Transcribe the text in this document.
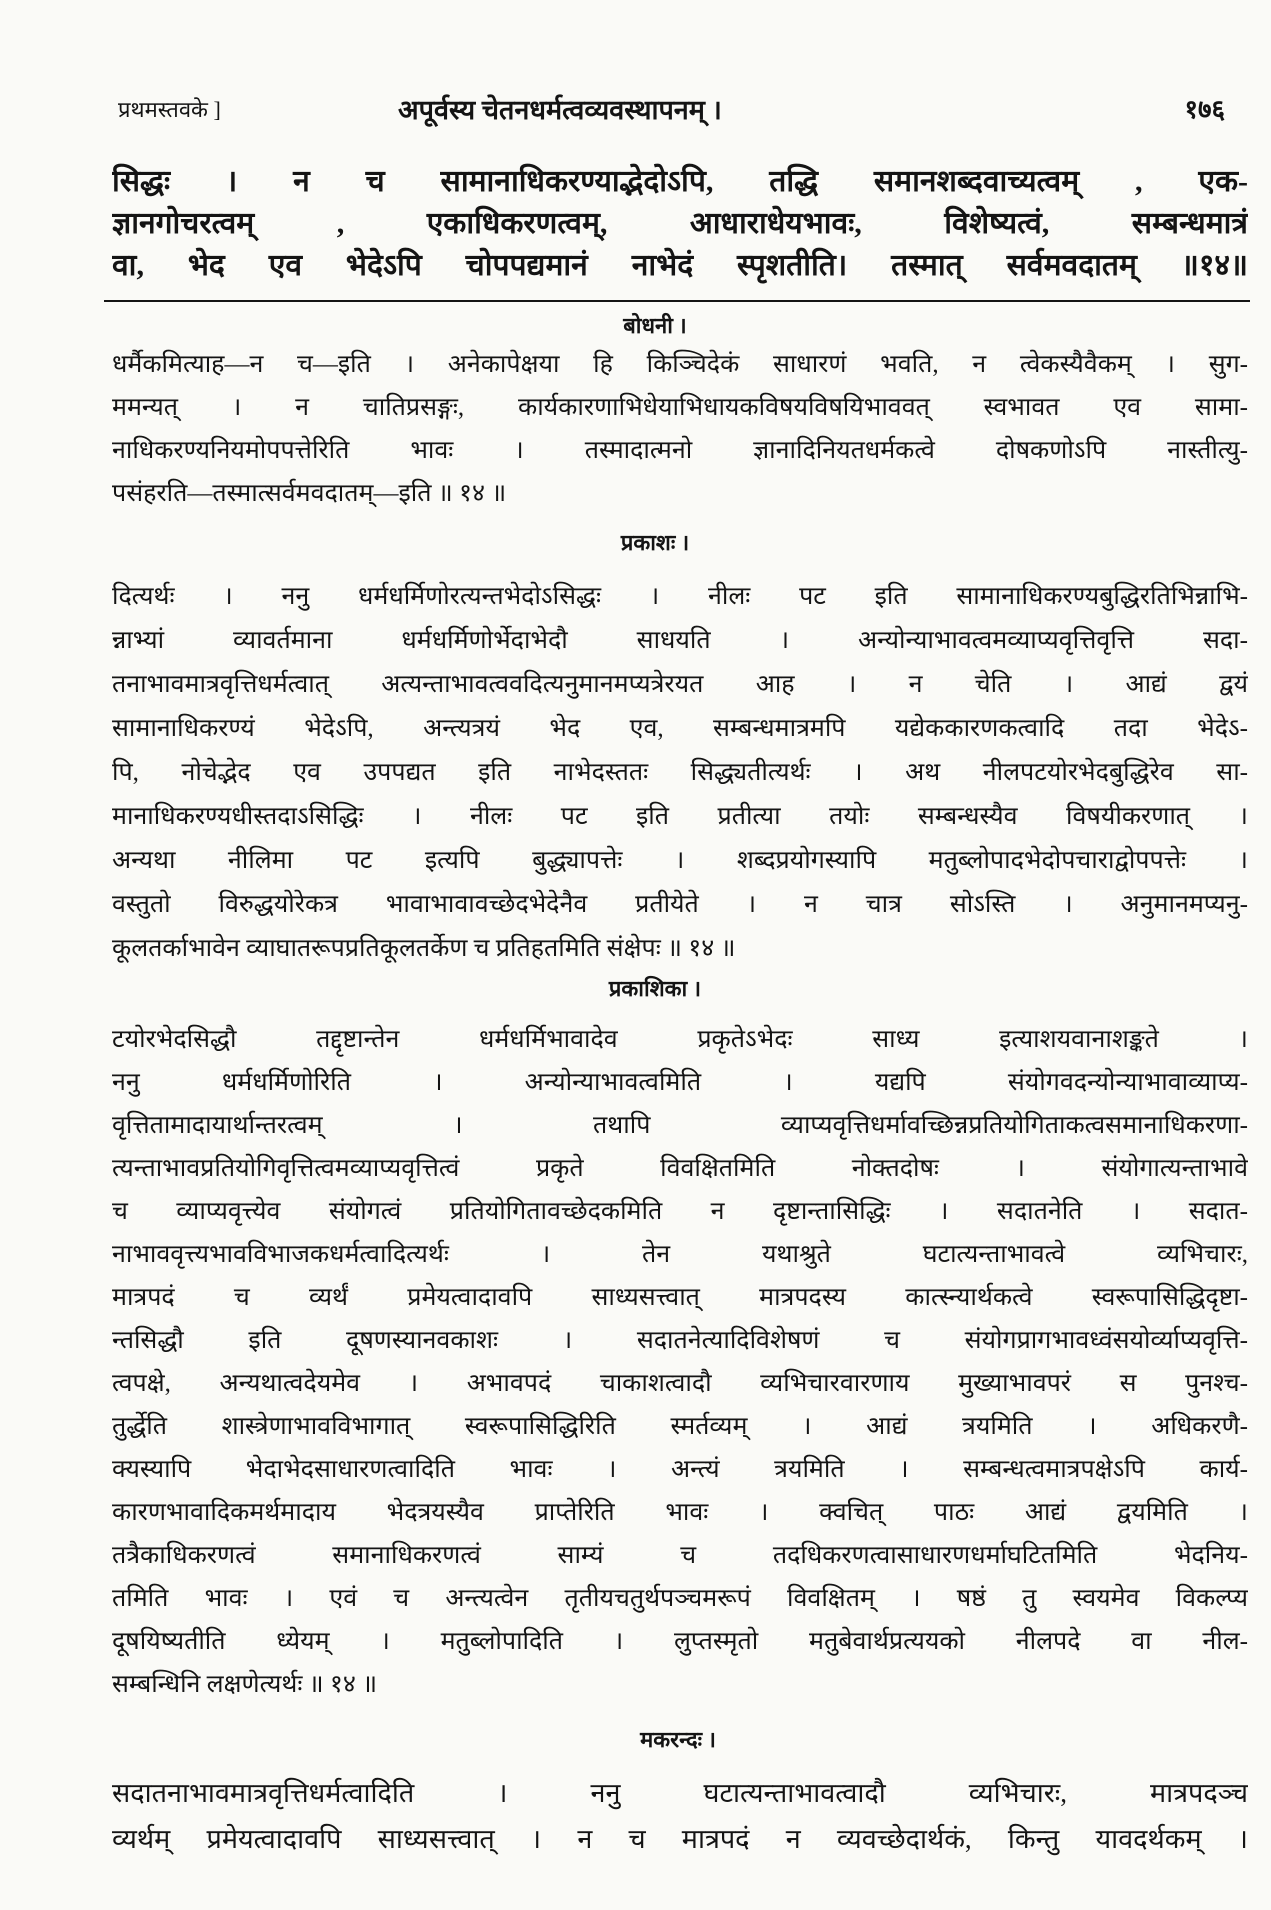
प्रथमस्तवके ]	अपूर्वस्य चेतनधर्मत्वव्यवस्थापनम् ।	१७६
सिद्धः । न च सामानाधिकरण्याद्भेदोऽपि, तद्धि समानशब्दवाच्यत्वम् , एक-
ज्ञानगोचरत्वम् , एकाधिकरणत्वम्, आधाराधेयभावः, विशेष्यत्वं, सम्बन्धमात्रं
वा, भेद एव भेदेऽपि चोपपद्यमानं नाभेदं स्पृशतीति। तस्मात् सर्वमवदातम् ॥१४॥
बोधनी ।
धर्मैकमित्याह—न च—इति । अनेकापेक्षया हि किञ्चिदेकं साधारणं भवति, न त्वेकस्यैवैकम् । सुग-
ममन्यत् । न चातिप्रसङ्गः, कार्यकारणाभिधेयाभिधायकविषयविषयिभाववत् स्वभावत एव सामा-
नाधिकरण्यनियमोपपत्तेरिति भावः । तस्मादात्मनो ज्ञानादिनियतधर्मकत्वे दोषकणोऽपि नास्तीत्यु-
पसंहरति—तस्मात्सर्वमवदातम्—इति ॥ १४ ॥
प्रकाशः ।
दित्यर्थः । ननु धर्मधर्मिणोरत्यन्तभेदोऽसिद्धः । नीलः पट इति सामानाधिकरण्यबुद्धिरतिभिन्नाभि-
न्नाभ्यां व्यावर्तमाना धर्मधर्मिणोर्भेदाभेदौ साधयति । अन्योन्याभावत्वमव्याप्यवृत्तिवृत्ति सदा-
तनाभावमात्रवृत्तिधर्मत्वात् अत्यन्ताभावत्ववदित्यनुमानमप्यत्रेरयत आह । न चेति । आद्यं द्वयं
सामानाधिकरण्यं भेदेऽपि, अन्त्यत्रयं भेद एव, सम्बन्धमात्रमपि यद्येककारणकत्वादि तदा भेदेऽ-
पि, नोचेद्भेद एव उपपद्यत इति नाभेदस्ततः सिद्ध्यतीत्यर्थः । अथ नीलपटयोरभेदबुद्धिरेव सा-
मानाधिकरण्यधीस्तदाऽसिद्धिः । नीलः पट इति प्रतीत्या तयोः सम्बन्धस्यैव विषयीकरणात् ।
अन्यथा नीलिमा पट इत्यपि बुद्ध्यापत्तेः । शब्दप्रयोगस्यापि मतुब्लोपादभेदोपचाराद्वोपपत्तेः ।
वस्तुतो विरुद्धयोरेकत्र भावाभावावच्छेदभेदेनैव प्रतीयेते । न चात्र सोऽस्ति । अनुमानमप्यनु-
कूलतर्काभावेन व्याघातरूपप्रतिकूलतर्केण च प्रतिहतमिति संक्षेपः ॥ १४ ॥
प्रकाशिका ।
टयोरभेदसिद्धौ तद्दृष्टान्तेन धर्मधर्मिभावादेव प्रकृतेऽभेदः साध्य इत्याशयवानाशङ्कते ।
ननु धर्मधर्मिणोरिति । अन्योन्याभावत्वमिति । यद्यपि संयोगवदन्योन्याभावाव्याप्य-
वृत्तितामादायार्थान्तरत्वम् । तथापि व्याप्यवृत्तिधर्मावच्छिन्नप्रतियोगिताकत्वसमानाधिकरणा-
त्यन्ताभावप्रतियोगिवृत्तित्वमव्याप्यवृत्तित्वं प्रकृते विवक्षितमिति नोक्तदोषः । संयोगात्यन्ताभावे
च व्याप्यवृत्त्येव संयोगत्वं प्रतियोगितावच्छेदकमिति न दृष्टान्तासिद्धिः । सदातनेति । सदात-
नाभाववृत्त्यभावविभाजकधर्मत्वादित्यर्थः । तेन यथाश्रुते घटात्यन्ताभावत्वे व्यभिचारः,
मात्रपदं च व्यर्थं प्रमेयत्वादावपि साध्यसत्त्वात् मात्रपदस्य कात्स्न्यार्थकत्वे स्वरूपासिद्धिदृष्टा-
न्तसिद्धौ इति दूषणस्यानवकाशः । सदातनेत्यादिविशेषणं च संयोगप्रागभावध्वंसयोर्व्याप्यवृत्ति-
त्वपक्षे, अन्यथात्वदेयमेव । अभावपदं चाकाशत्वादौ व्यभिचारवारणाय मुख्याभावपरं स पुनश्च-
तुर्द्धेति शास्त्रेणाभावविभागात् स्वरूपासिद्धिरिति स्मर्तव्यम् । आद्यं त्रयमिति । अधिकरणै-
क्यस्यापि भेदाभेदसाधारणत्वादिति भावः । अन्त्यं त्रयमिति । सम्बन्धत्वमात्रपक्षेऽपि कार्य-
कारणभावादिकमर्थमादाय भेदत्रयस्यैव प्राप्तेरिति भावः । क्वचित् पाठः आद्यं द्वयमिति ।
तत्रैकाधिकरणत्वं समानाधिकरणत्वं साम्यं च तदधिकरणत्वासाधारणधर्माघटितमिति भेदनिय-
तमिति भावः । एवं च अन्त्यत्वेन तृतीयचतुर्थपञ्चमरूपं विवक्षितम् । षष्ठं तु स्वयमेव विकल्प्य
दूषयिष्यतीति ध्येयम् । मतुब्लोपादिति । लुप्तस्मृतो मतुबेवार्थप्रत्ययको नीलपदे वा नील-
सम्बन्धिनि लक्षणेत्यर्थः ॥ १४ ॥
मकरन्दः ।
सदातनाभावमात्रवृत्तिधर्मत्वादिति । ननु घटात्यन्ताभावत्वादौ व्यभिचारः, मात्रपदञ्च
व्यर्थम् प्रमेयत्वादावपि साध्यसत्त्वात् । न च मात्रपदं न व्यवच्छेदार्थकं, किन्तु यावदर्थकम् ।
